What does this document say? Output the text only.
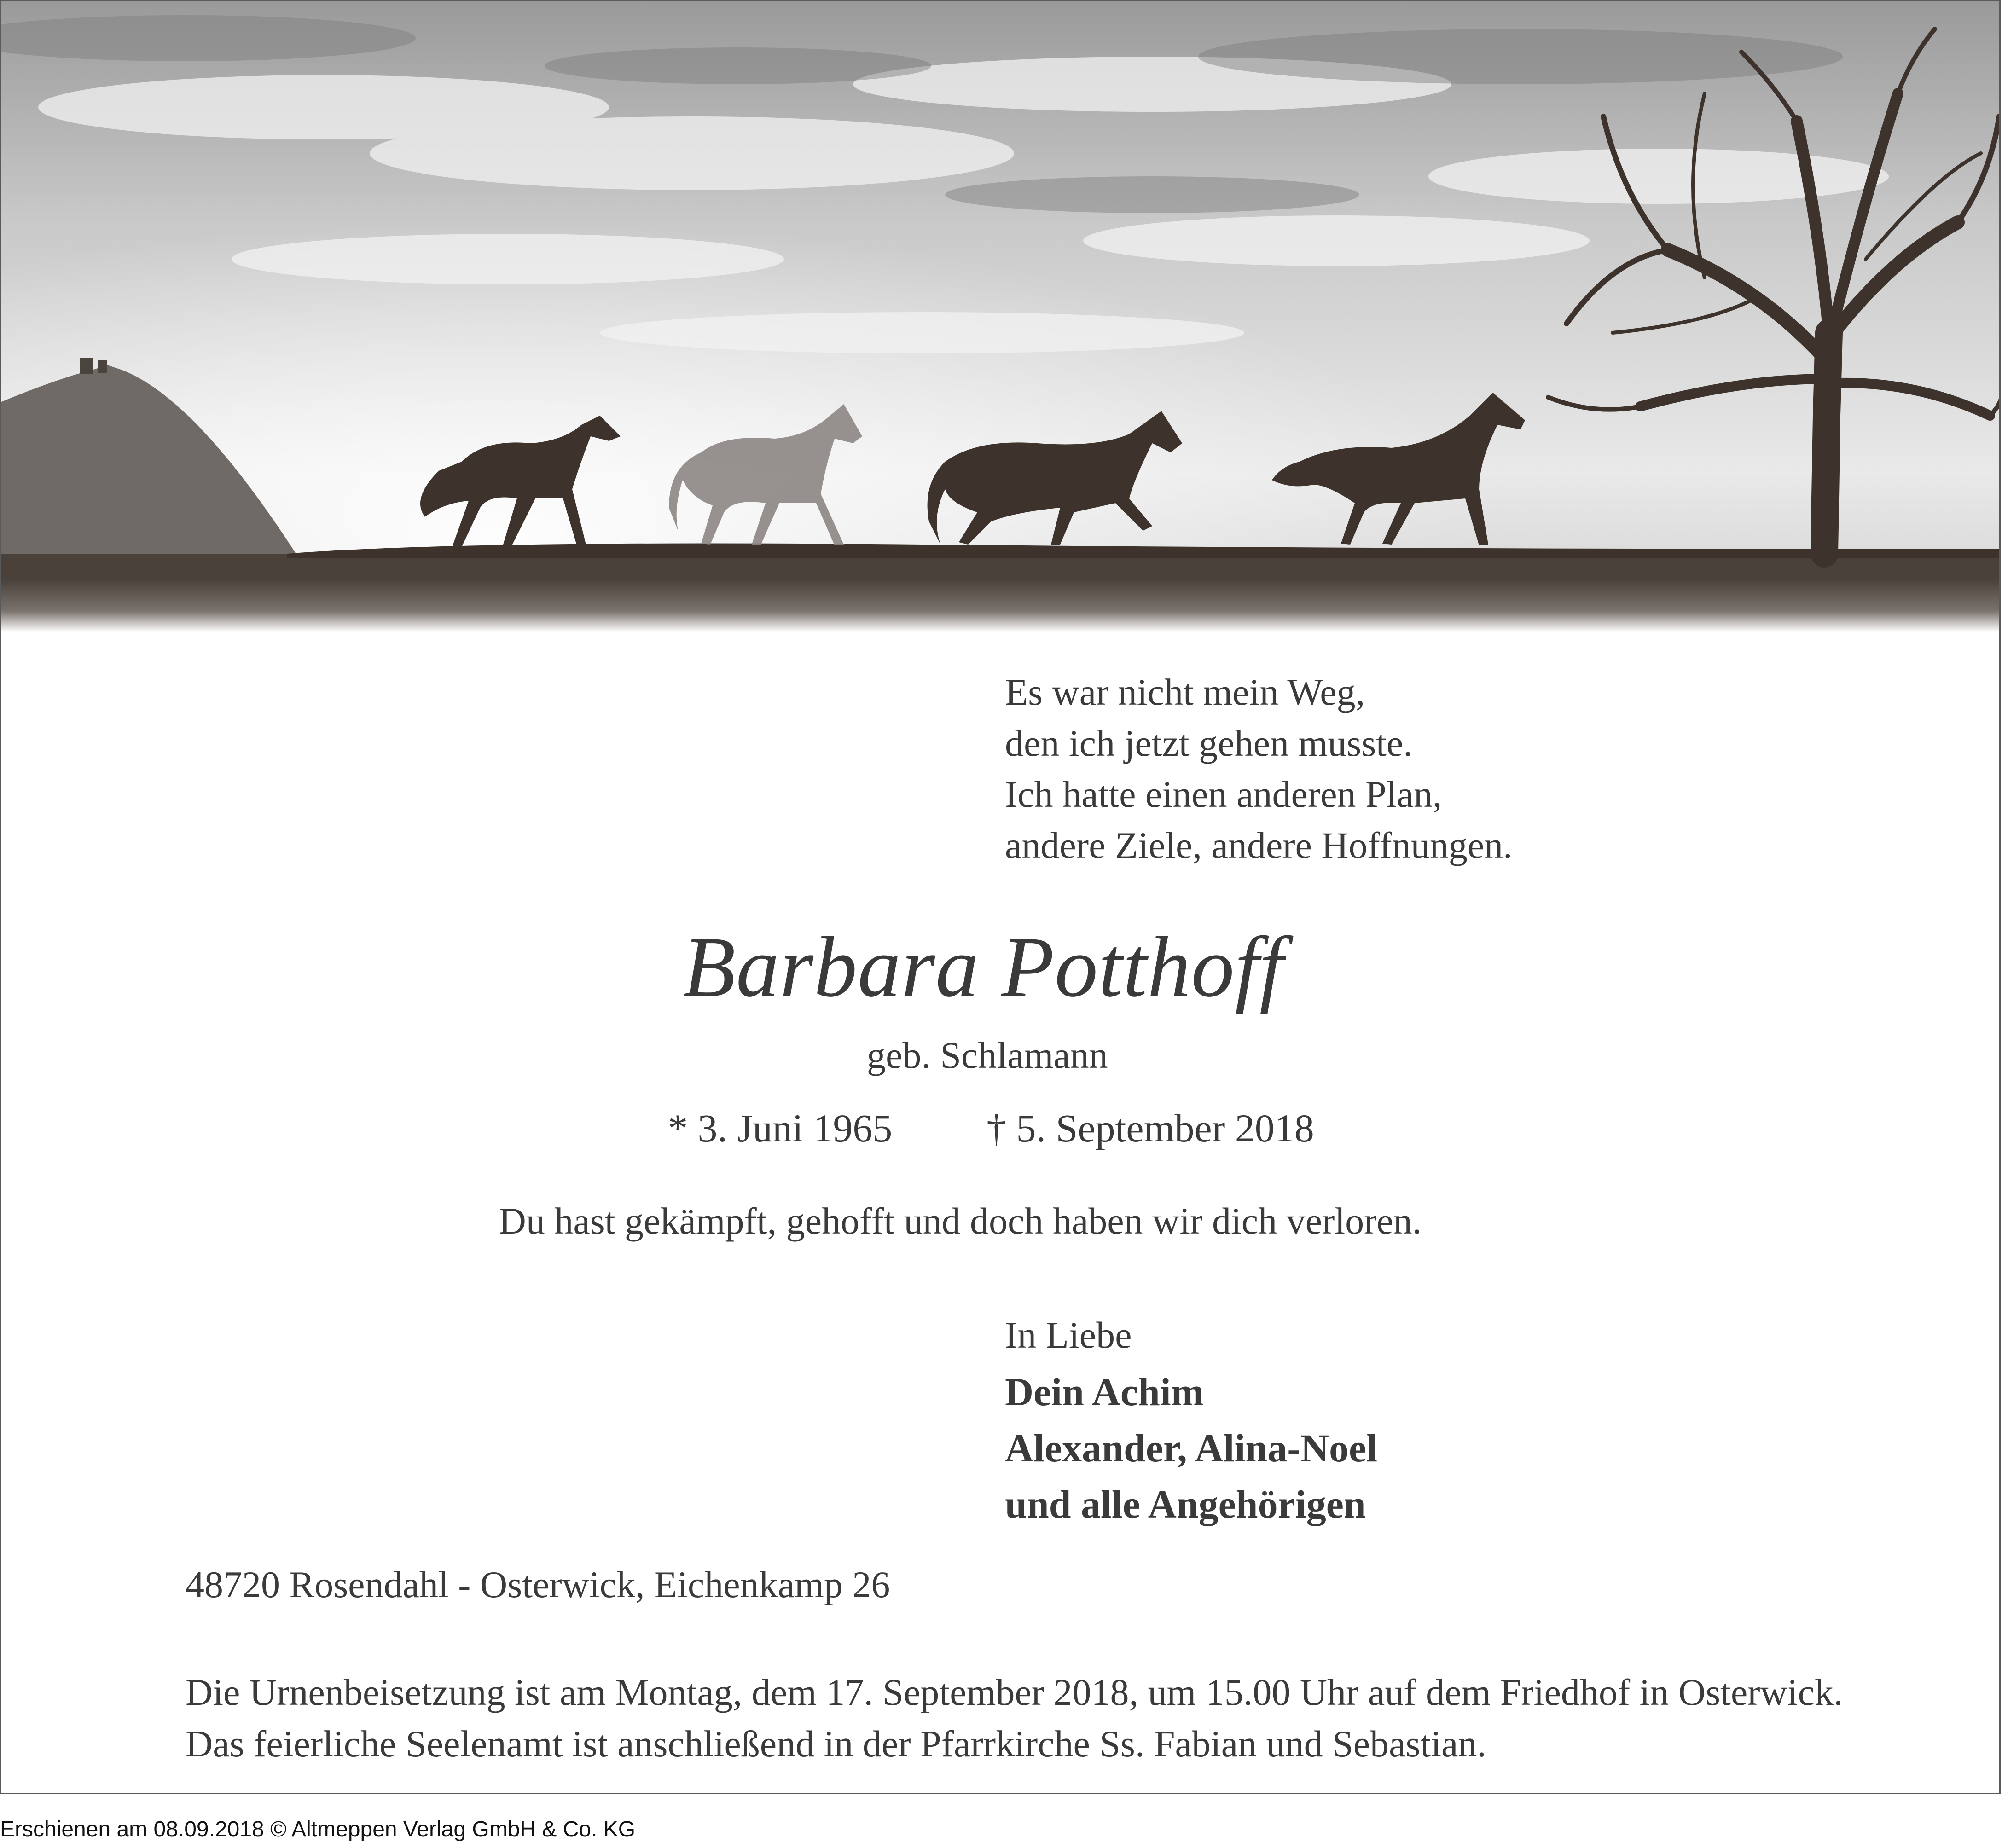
Es war nicht mein Weg,
den ich jetzt gehen musste.
Ich hatte einen anderen Plan,
andere Ziele, andere Hoffnungen.
Barbara Potthoff
geb. Schlamann
* 3. Juni 1965 † 5. September 2018
Du hast gekämpft, gehofft und doch haben wir dich verloren.
In Liebe
Dein Achim
Alexander, Alina-Noel
und alle Angehörigen
48720 Rosendahl - Osterwick, Eichenkamp 26
Die Urnenbeisetzung ist am Montag, dem 17. September 2018, um 15.00 Uhr auf dem Friedhof in Osterwick.
Das feierliche Seelenamt ist anschließend in der Pfarrkirche Ss. Fabian und Sebastian.
Erschienen am 08.09.2018 © Altmeppen Verlag GmbH & Co. KG
